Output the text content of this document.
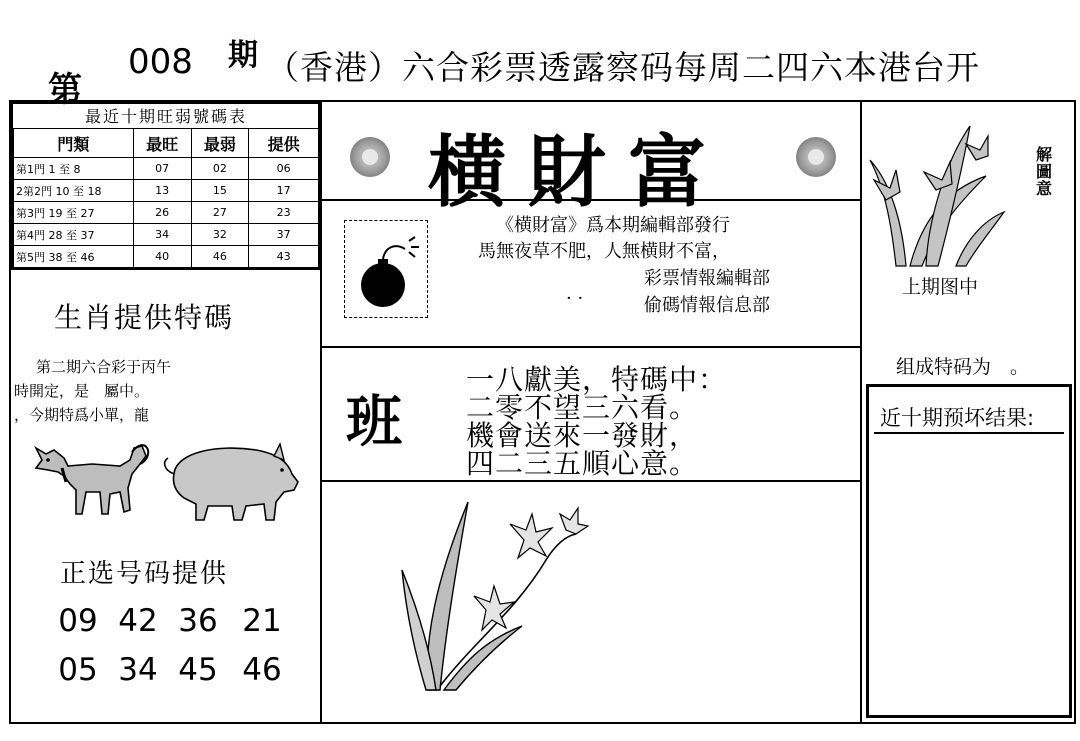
第
008 期 （香港）六合彩票透露察码每周二四六本港台开
最近十期旺弱號碼表
門類	最旺	最弱	提供
第1門 1 至 8	07	02	06
2第2門 10 至 18	13	15	17
第3門 19 至 27	26	27	23
第4門 28 至 37	34	32	37
第5門 38 至 46	40	46	43
生肖提供特碼
第二期六合彩于丙午
時開定，是　屬中。
，今期特爲小單，龍
正选号码提供
09 42 36 21
05 34 45 46
横財富
《横財富》爲本期編輯部發行
馬無夜草不肥，人無横財不富，
彩票情報編輯部
· ·	偷碼情報信息部
班
一八獻美，特碼中：
二零不望三六看。
機會送來一發財，
四二三五順心意。
解圖意
上期图中
组成特码为　。
近十期预坏结果:
